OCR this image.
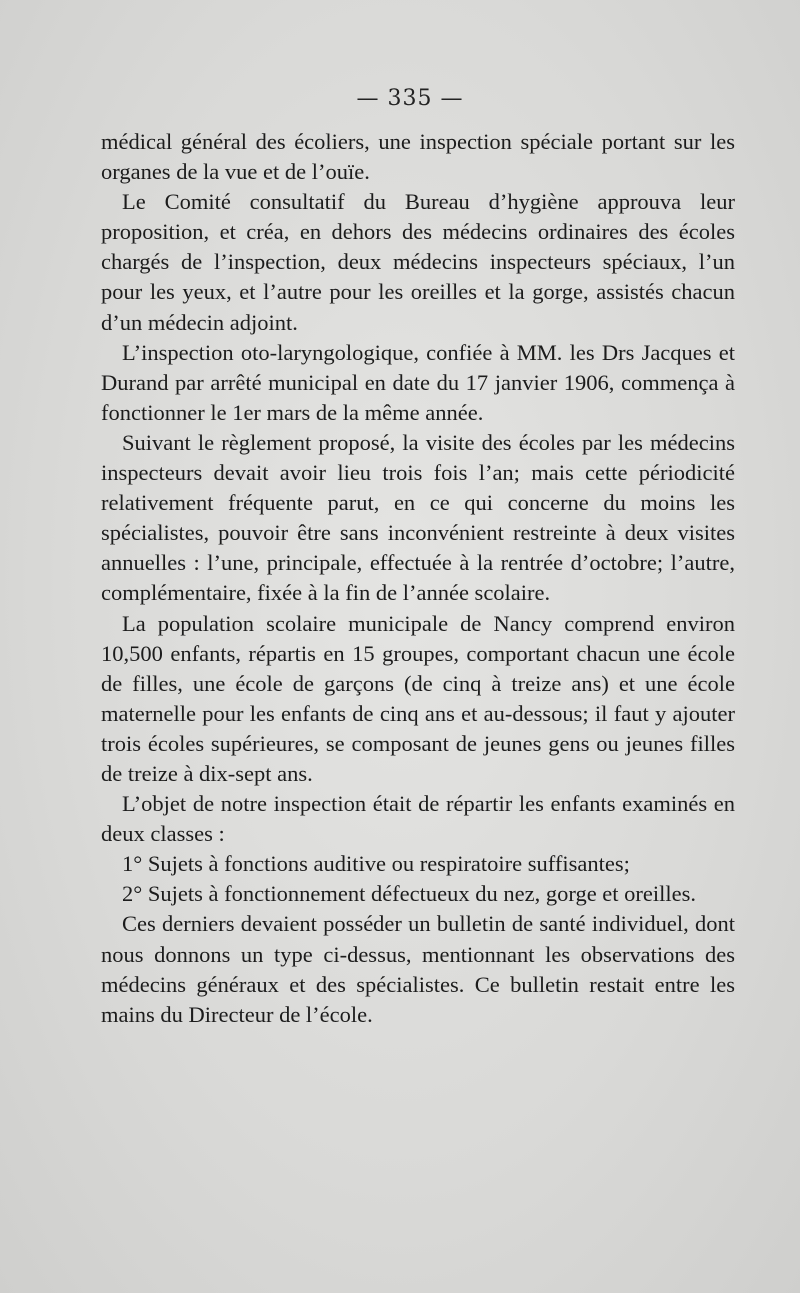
— 335 —

médical général des écoliers, une inspection spéciale portant sur les organes de la vue et de l’ouïe.

Le Comité consultatif du Bureau d’hygiène approuva leur proposition, et créa, en dehors des médecins ordinaires des écoles chargés de l’inspection, deux médecins inspecteurs spéciaux, l’un pour les yeux, et l’autre pour les oreilles et la gorge, assistés chacun d’un médecin adjoint.

L’inspection oto-laryngologique, confiée à MM. les Drs Jacques et Durand par arrêté municipal en date du 17 janvier 1906, commença à fonctionner le 1er mars de la même année.

Suivant le règlement proposé, la visite des écoles par les médecins inspecteurs devait avoir lieu trois fois l’an; mais cette périodicité relativement fréquente parut, en ce qui concerne du moins les spécialistes, pouvoir être sans inconvénient restreinte à deux visites annuelles : l’une, principale, effectuée à la rentrée d’octobre; l’autre, complémentaire, fixée à la fin de l’année scolaire.

La population scolaire municipale de Nancy comprend environ 10,500 enfants, répartis en 15 groupes, comportant chacun une école de filles, une école de garçons (de cinq à treize ans) et une école maternelle pour les enfants de cinq ans et au-dessous; il faut y ajouter trois écoles supérieures, se composant de jeunes gens ou jeunes filles de treize à dix-sept ans.

L’objet de notre inspection était de répartir les enfants examinés en deux classes :

1° Sujets à fonctions auditive ou respiratoire suffisantes;

2° Sujets à fonctionnement défectueux du nez, gorge et oreilles.

Ces derniers devaient posséder un bulletin de santé individuel, dont nous donnons un type ci-dessus, mentionnant les observations des médecins généraux et des spécialistes. Ce bulletin restait entre les mains du Directeur de l’école.
